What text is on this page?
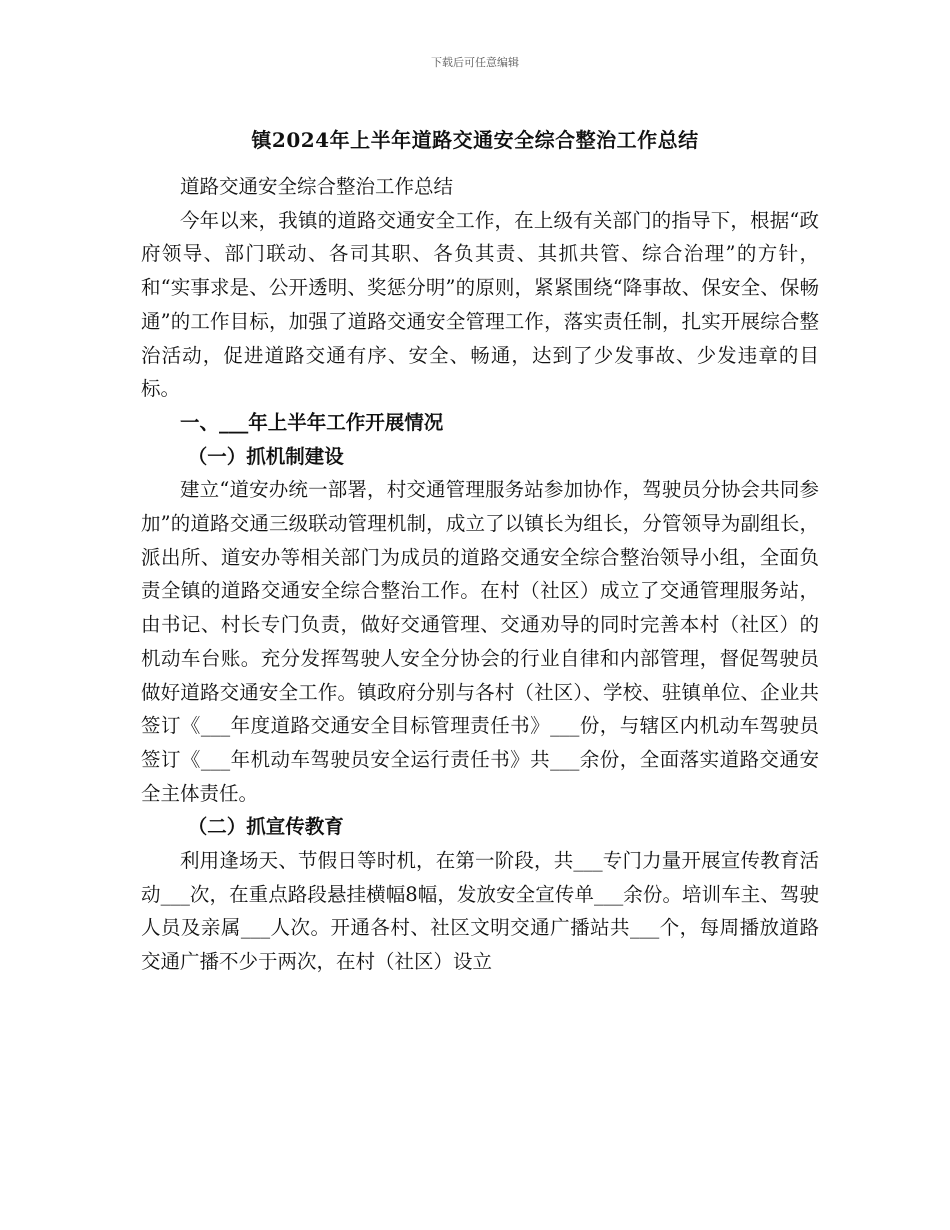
下载后可任意编辑
镇2024年上半年道路交通安全综合整治工作总结

道路交通安全综合整治工作总结

今年以来，我镇的道路交通安全工作，在上级有关部门的指导下，根据“政府领导、部门联动、各司其职、各负其责、其抓共管、综合治理”的方针，和“实事求是、公开透明、奖惩分明”的原则，紧紧围绕“降事故、保安全、保畅通”的工作目标，加强了道路交通安全管理工作，落实责任制，扎实开展综合整治活动，促进道路交通有序、安全、畅通，达到了少发事故、少发违章的目标。

一、___年上半年工作开展情况

（一）抓机制建设

建立“道安办统一部署，村交通管理服务站参加协作，驾驶员分协会共同参加”的道路交通三级联动管理机制，成立了以镇长为组长，分管领导为副组长，派出所、道安办等相关部门为成员的道路交通安全综合整治领导小组，全面负责全镇的道路交通安全综合整治工作。在村（社区）成立了交通管理服务站，由书记、村长专门负责，做好交通管理、交通劝导的同时完善本村（社区）的机动车台账。充分发挥驾驶人安全分协会的行业自律和内部管理，督促驾驶员做好道路交通安全工作。镇政府分别与各村（社区）、学校、驻镇单位、企业共签订《___年度道路交通安全目标管理责任书》___份，与辖区内机动车驾驶员签订《___年机动车驾驶员安全运行责任书》共___余份，全面落实道路交通安全主体责任。

（二）抓宣传教育

利用逢场天、节假日等时机，在第一阶段，共___专门力量开展宣传教育活动___次，在重点路段悬挂横幅8幅，发放安全宣传单___余份。培训车主、驾驶人员及亲属___人次。开通各村、社区文明交通广播站共___个，每周播放道路交通广播不少于两次，在村（社区）设立
